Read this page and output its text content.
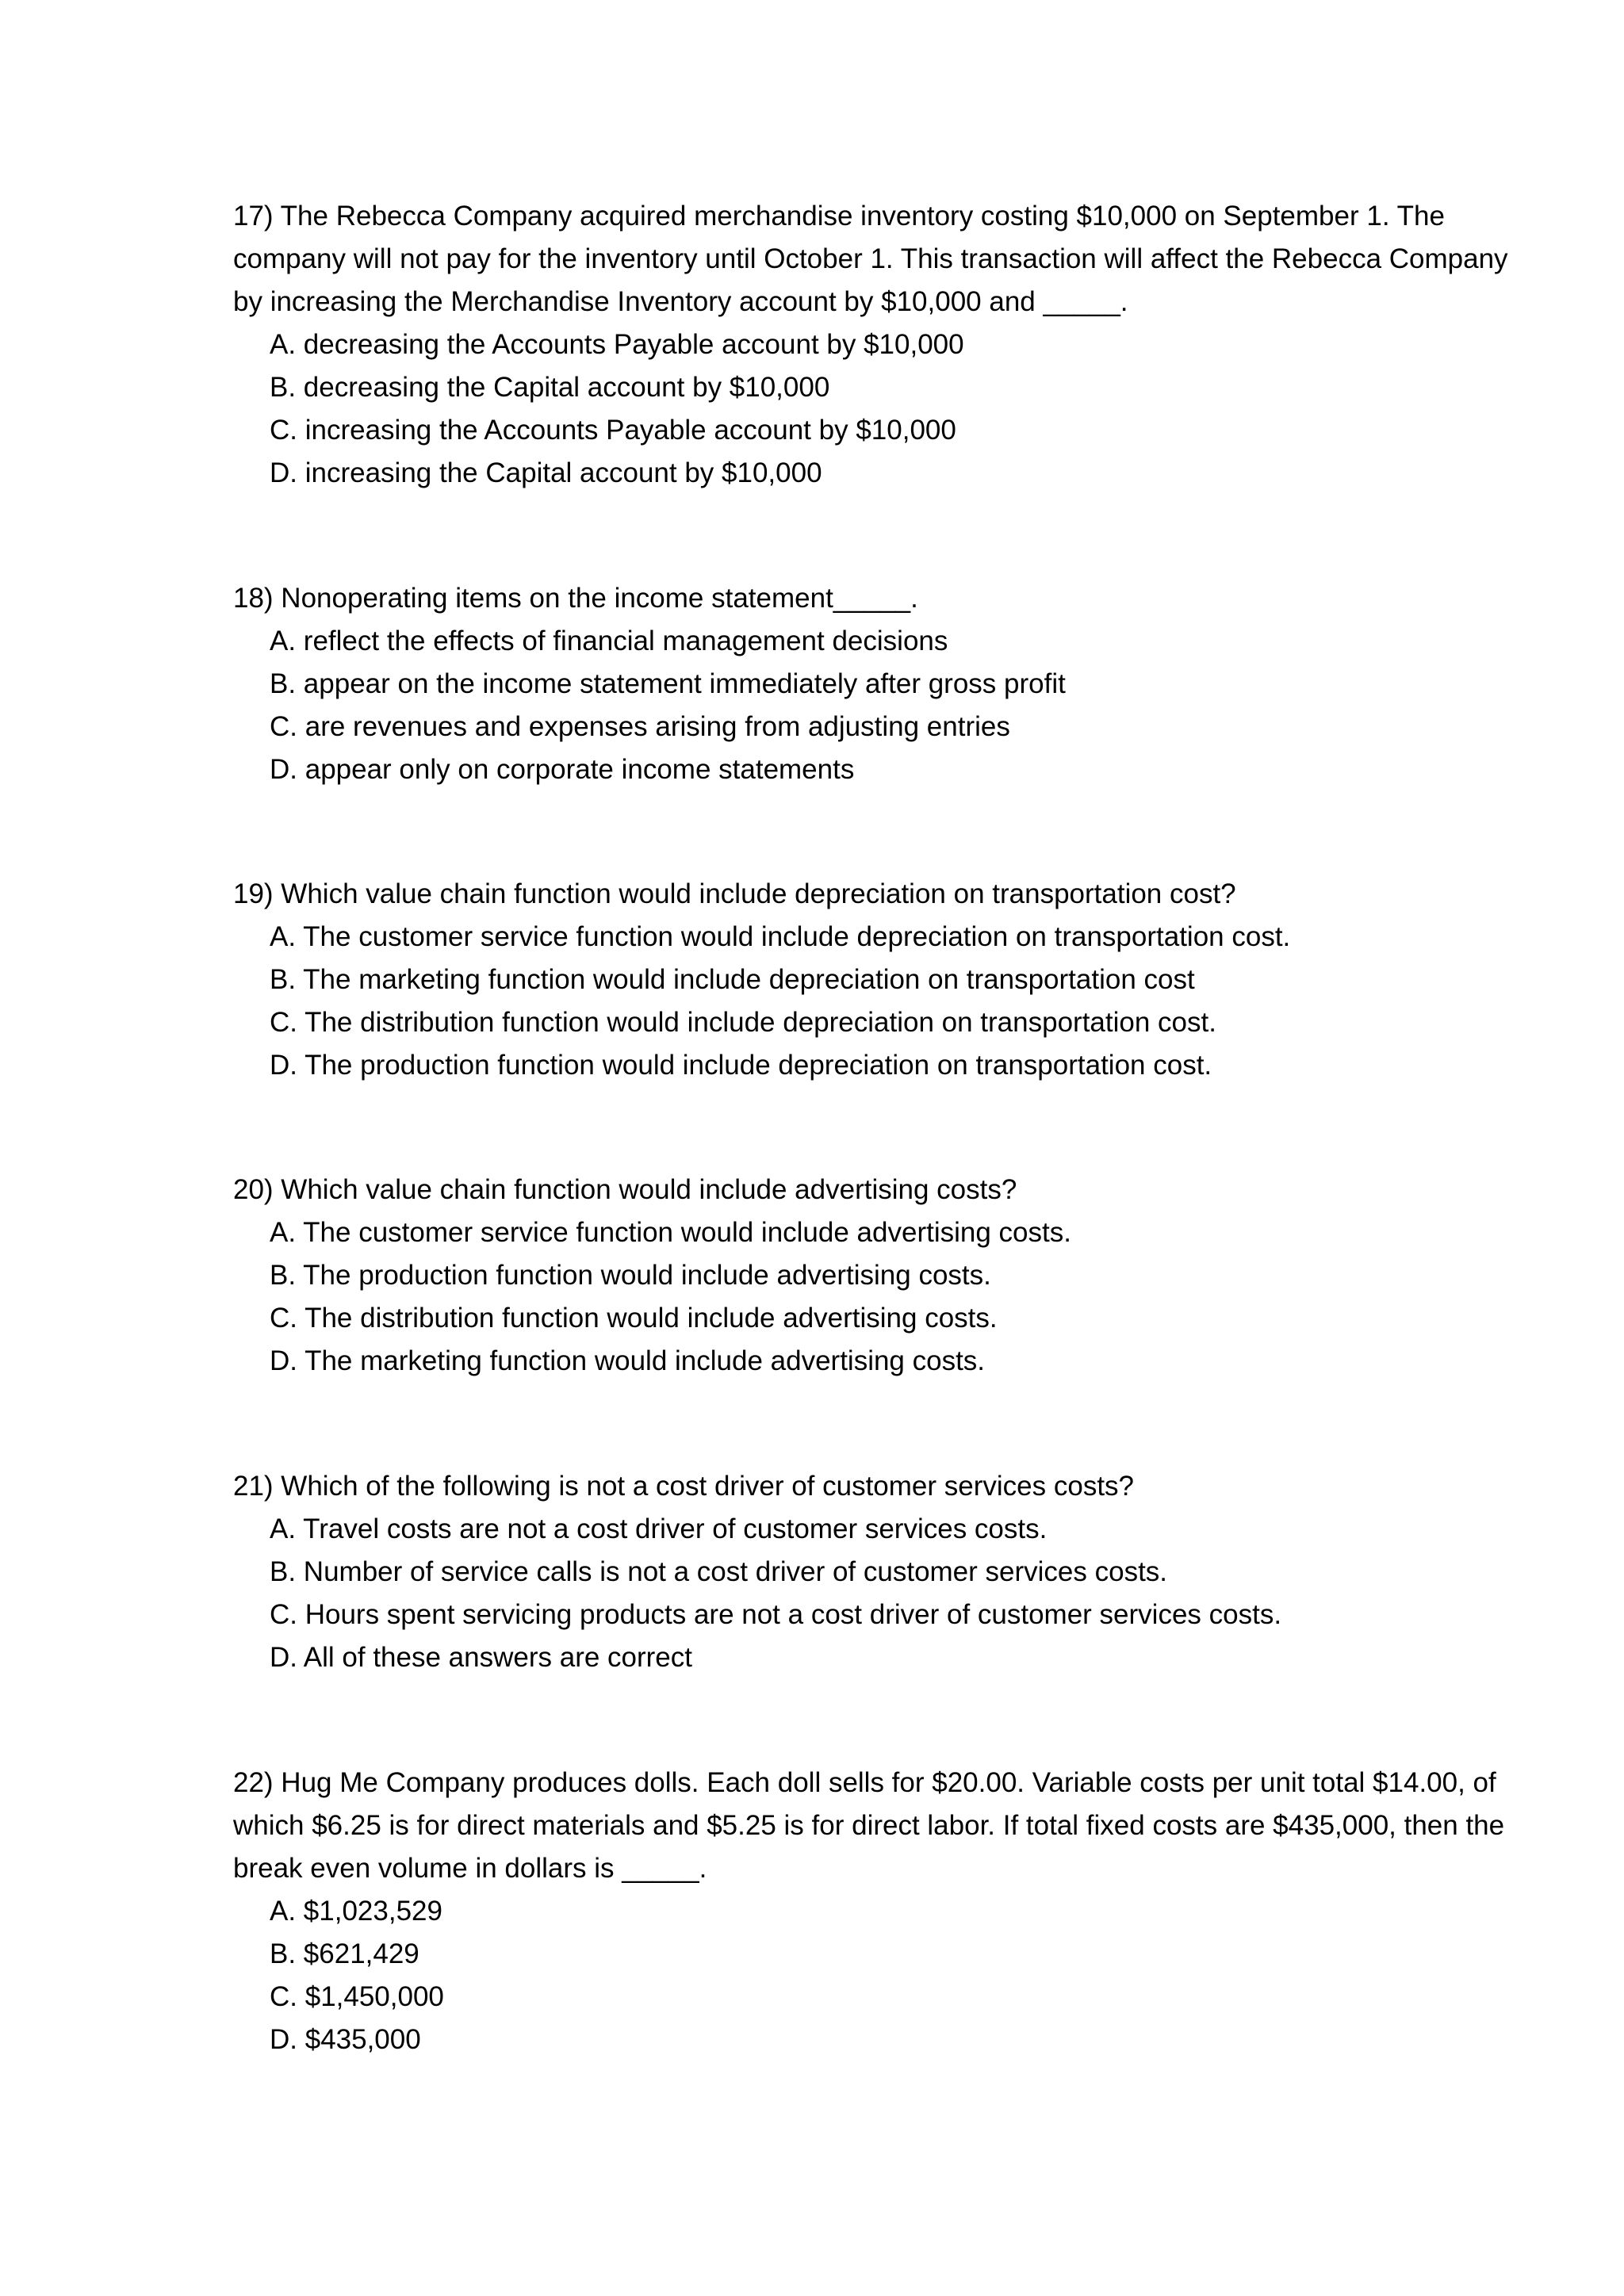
17) The Rebecca Company acquired merchandise inventory costing $10,000 on September 1. The company will not pay for the inventory until October 1. This transaction will affect the Rebecca Company by increasing the Merchandise Inventory account by $10,000 and _____.

A. decreasing the Accounts Payable account by $10,000
B. decreasing the Capital account by $10,000
C. increasing the Accounts Payable account by $10,000
D. increasing the Capital account by $10,000

18) Nonoperating items on the income statement_____.

A. reflect the effects of financial management decisions
B. appear on the income statement immediately after gross profit
C. are revenues and expenses arising from adjusting entries
D. appear only on corporate income statements

19) Which value chain function would include depreciation on transportation cost?

A. The customer service function would include depreciation on transportation cost.
B. The marketing function would include depreciation on transportation cost
C. The distribution function would include depreciation on transportation cost.
D. The production function would include depreciation on transportation cost.

20) Which value chain function would include advertising costs?

A. The customer service function would include advertising costs.
B. The production function would include advertising costs.
C. The distribution function would include advertising costs.
D. The marketing function would include advertising costs.

21) Which of the following is not a cost driver of customer services costs?

A. Travel costs are not a cost driver of customer services costs.
B. Number of service calls is not a cost driver of customer services costs.
C. Hours spent servicing products are not a cost driver of customer services costs.
D. All of these answers are correct

22) Hug Me Company produces dolls. Each doll sells for $20.00. Variable costs per unit total $14.00, of which $6.25 is for direct materials and $5.25 is for direct labor. If total fixed costs are $435,000, then the break even volume in dollars is _____.

A. $1,023,529
B. $621,429
C. $1,450,000
D. $435,000
